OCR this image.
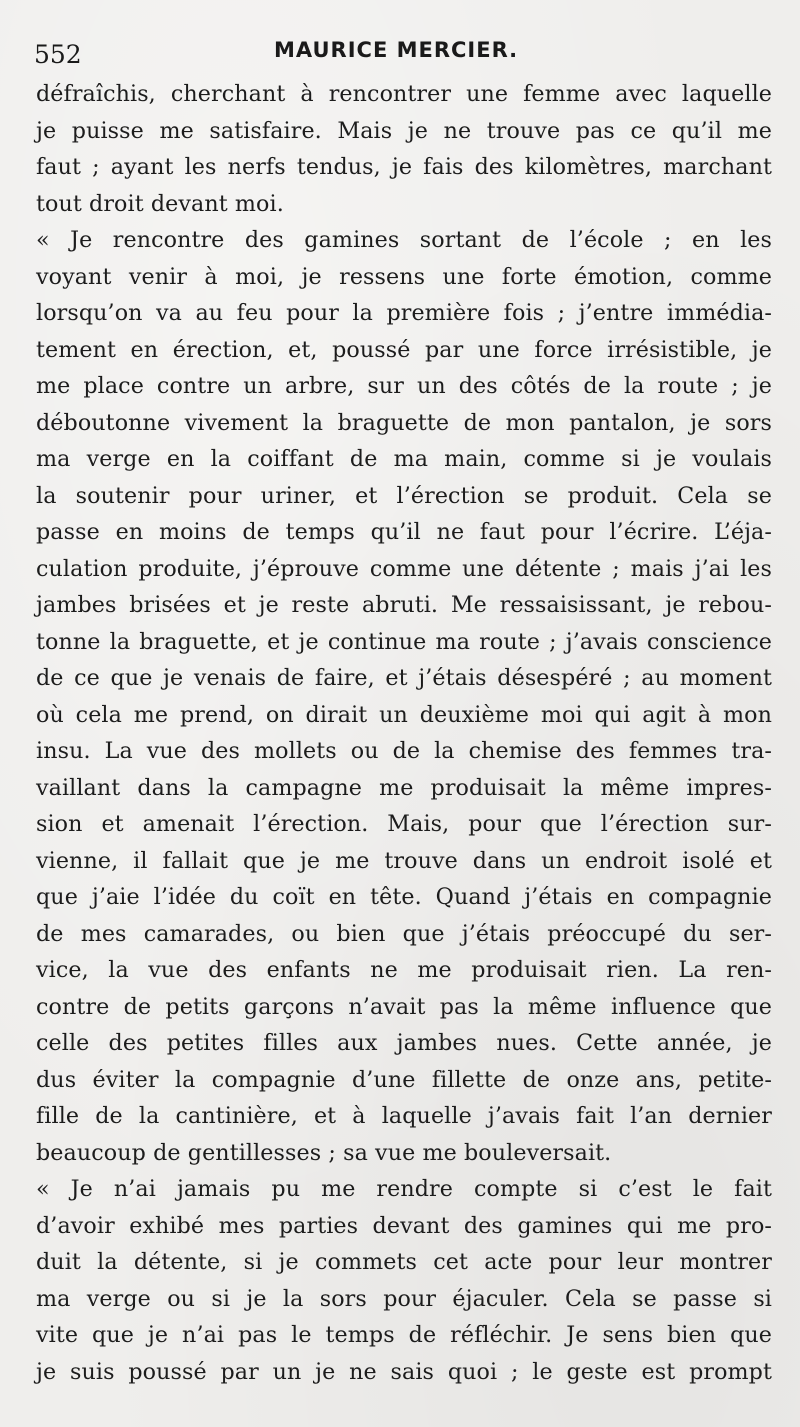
552	MAURICE MERCIER.
défraîchis, cherchant à rencontrer une femme avec laquelle
je puisse me satisfaire. Mais je ne trouve pas ce qu’il me
faut ; ayant les nerfs tendus, je fais des kilomètres, marchant
tout droit devant moi.
« Je rencontre des gamines sortant de l’école ; en les
voyant venir à moi, je ressens une forte émotion, comme
lorsqu’on va au feu pour la première fois ; j’entre immédia-
tement en érection, et, poussé par une force irrésistible, je
me place contre un arbre, sur un des côtés de la route ; je
déboutonne vivement la braguette de mon pantalon, je sors
ma verge en la coiffant de ma main, comme si je voulais
la soutenir pour uriner, et l’érection se produit. Cela se
passe en moins de temps qu’il ne faut pour l’écrire. L’éja-
culation produite, j’éprouve comme une détente ; mais j’ai les
jambes brisées et je reste abruti. Me ressaisissant, je rebou-
tonne la braguette, et je continue ma route ; j’avais conscience
de ce que je venais de faire, et j’étais désespéré ; au moment
où cela me prend, on dirait un deuxième moi qui agit à mon
insu. La vue des mollets ou de la chemise des femmes tra-
vaillant dans la campagne me produisait la même impres-
sion et amenait l’érection. Mais, pour que l’érection sur-
vienne, il fallait que je me trouve dans un endroit isolé et
que j’aie l’idée du coït en tête. Quand j’étais en compagnie
de mes camarades, ou bien que j’étais préoccupé du ser-
vice, la vue des enfants ne me produisait rien. La ren-
contre de petits garçons n’avait pas la même influence que
celle des petites filles aux jambes nues. Cette année, je
dus éviter la compagnie d’une fillette de onze ans, petite-
fille de la cantinière, et à laquelle j’avais fait l’an dernier
beaucoup de gentillesses ; sa vue me bouleversait.
« Je n’ai jamais pu me rendre compte si c’est le fait
d’avoir exhibé mes parties devant des gamines qui me pro-
duit la détente, si je commets cet acte pour leur montrer
ma verge ou si je la sors pour éjaculer. Cela se passe si
vite que je n’ai pas le temps de réfléchir. Je sens bien que
je suis poussé par un je ne sais quoi ; le geste est prompt
